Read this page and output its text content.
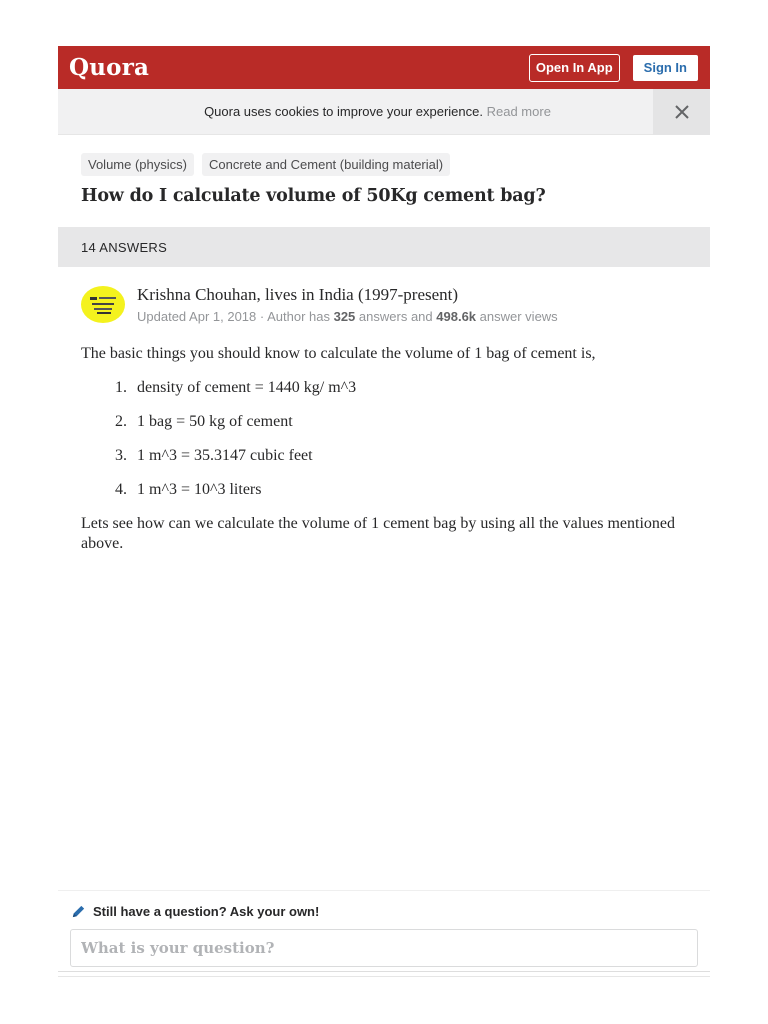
Quora	Open In App	Sign In
Quora uses cookies to improve your experience. Read more
Volume (physics)	Concrete and Cement (building material)
How do I calculate volume of 50Kg cement bag?
14 ANSWERS
Krishna Chouhan, lives in India (1997-present)
Updated Apr 1, 2018 · Author has 325 answers and 498.6k answer views

The basic things you should know to calculate the volume of 1 bag of cement is,

1. density of cement = 1440 kg/ m^3
2. 1 bag = 50 kg of cement
3. 1 m^3 = 35.3147 cubic feet
4. 1 m^3 = 10^3 liters

Lets see how can we calculate the volume of 1 cement bag by using all the values mentioned above.

Still have a question? Ask your own!
What is your question?
